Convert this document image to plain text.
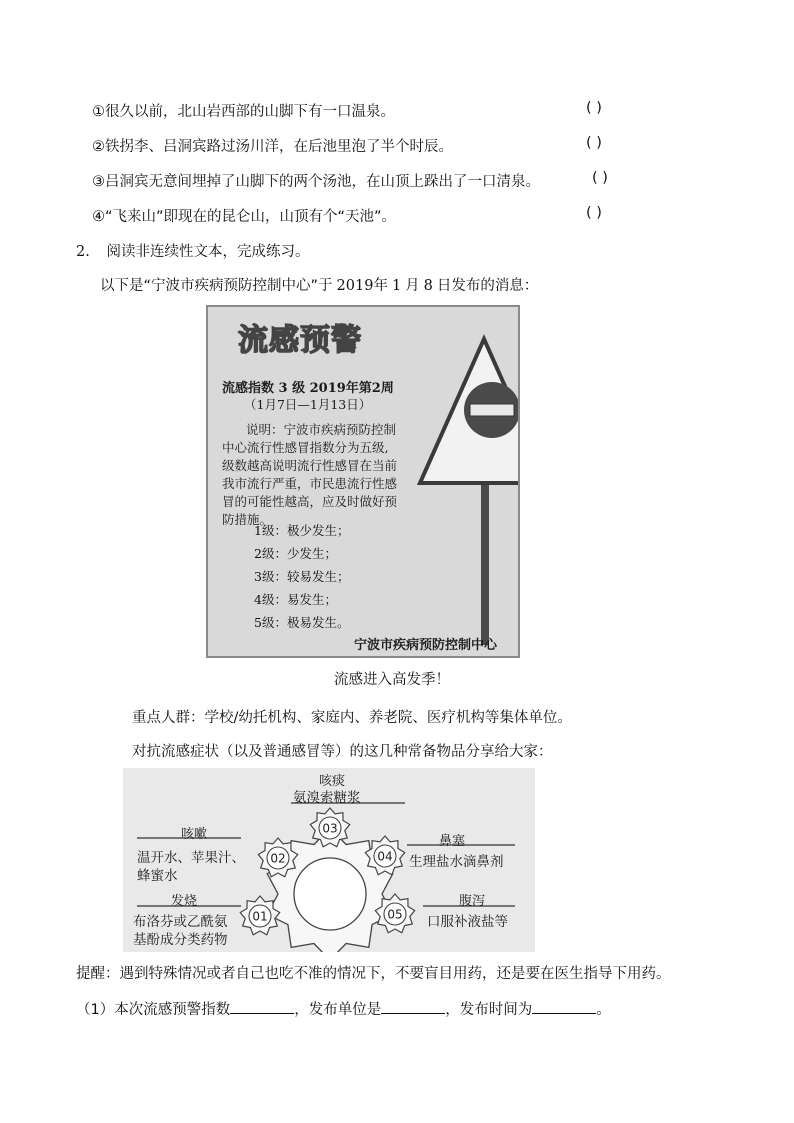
①很久以前，北山岩西部的山脚下有一口温泉。	( )
②铁拐李、吕洞宾路过汤川洋，在后池里泡了半个时辰。	( )
③吕洞宾无意间埋掉了山脚下的两个汤池，在山顶上跺出了一口清泉。	( )
④“飞来山”即现在的昆仑山，山顶有个“天池”。	( )
2. 阅读非连续性文本，完成练习。
以下是“宁波市疾病预防控制中心”于 2019年 1 月 8 日发布的消息：
流感预警
流感指数 3 级 2019年第2周
（1月7日—1月13日）
说明：宁波市疾病预防控制
中心流行性感冒指数分为五级,
级数越高说明流行性感冒在当前
我市流行严重，市民患流行性感
冒的可能性越高，应及时做好预
防措施。
1级：极少发生；
2级：少发生；
3级：较易发生；
4级：易发生；
5级：极易发生。
宁波市疾病预防控制中心
流感进入高发季！
重点人群：学校/幼托机构、家庭内、养老院、医疗机构等集体单位。
对抗流感症状（以及普通感冒等）的这几种常备物品分享给大家：
01
02
03
04
05
咳痰
氨溴索糖浆
咳嗽
温开水、苹果汁、
蜂蜜水
鼻塞
生理盐水滴鼻剂
发烧
布洛芬或乙酰氨
基酚成分类药物
腹泻
口服补液盐等
提醒：遇到特殊情况或者自己也吃不准的情况下，不要盲目用药，还是要在医生指导下用药。
（1）本次流感预警指数	，发布单位是	，发布时间为	。
